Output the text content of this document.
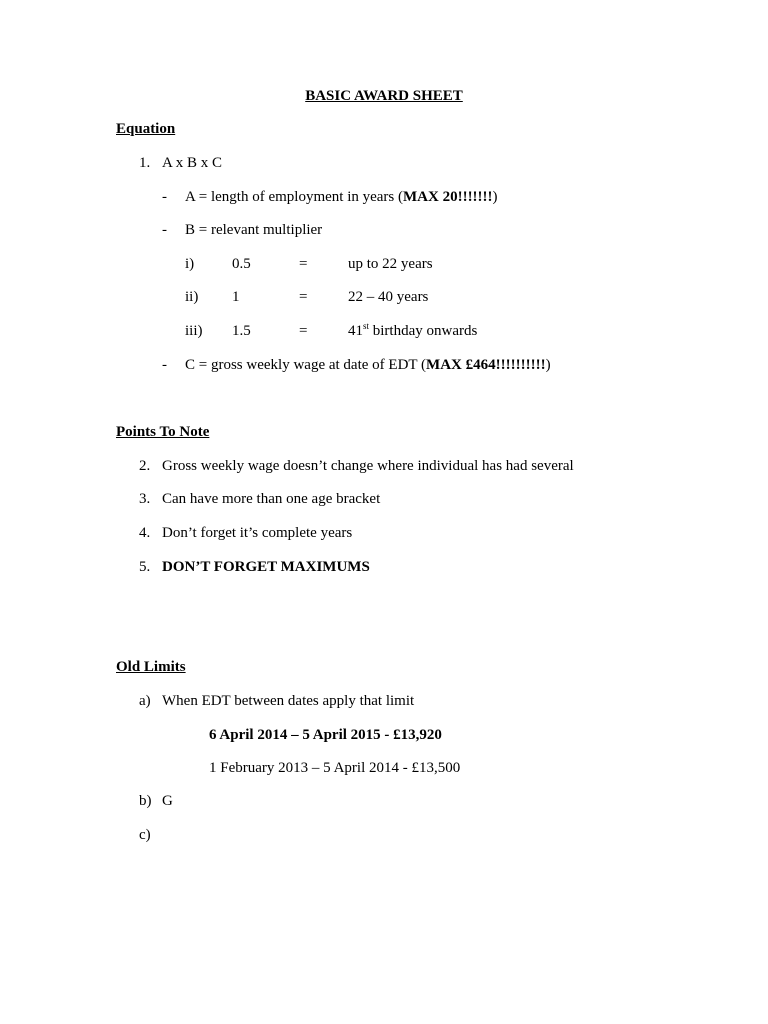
BASIC AWARD SHEET
Equation
1. A x B x C
- A = length of employment in years (MAX 20!!!!!!!)
- B = relevant multiplier
i)	0.5	=	up to 22 years
ii) 1	=	22 – 40 years
iii) 1.5	=	41st birthday onwards
- C = gross weekly wage at date of EDT (MAX £464!!!!!!!!!!)
Points To Note
2. Gross weekly wage doesn’t change where individual has had several
3. Can have more than one age bracket
4. Don’t forget it’s complete years
5. DON’T FORGET MAXIMUMS
Old Limits
a) When EDT between dates apply that limit
6 April 2014 – 5 April 2015 - £13,920
1 February 2013 – 5 April 2014 - £13,500
b) G
c)
